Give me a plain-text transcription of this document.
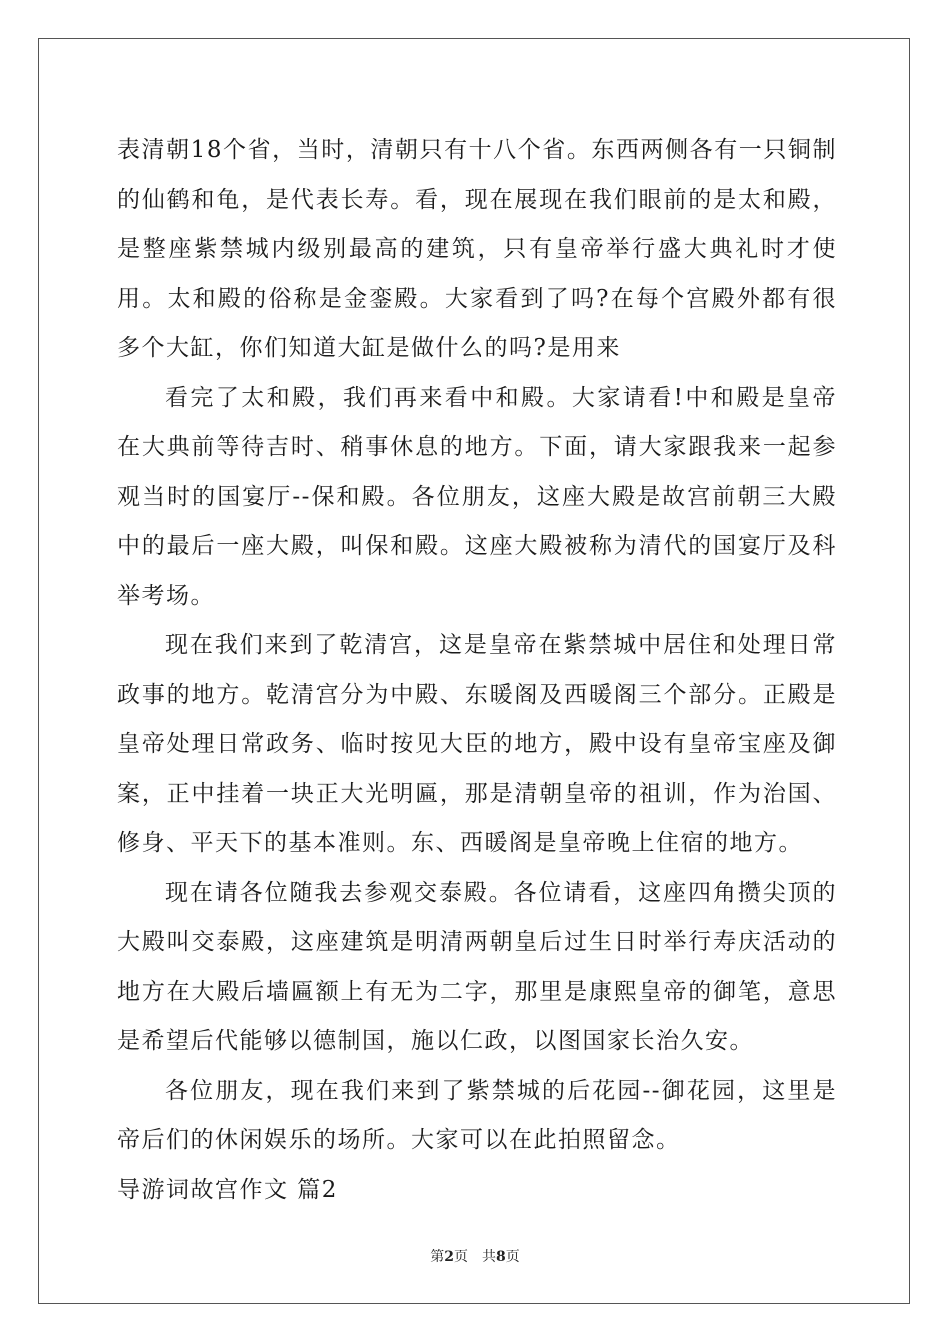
表清朝18个省，当时，清朝只有十八个省。东西两侧各有一只铜制的仙鹤和龟，是代表长寿。看，现在展现在我们眼前的是太和殿，是整座紫禁城内级别最高的建筑，只有皇帝举行盛大典礼时才使用。太和殿的俗称是金銮殿。大家看到了吗?在每个宫殿外都有很多个大缸，你们知道大缸是做什么的吗?是用来

看完了太和殿，我们再来看中和殿。大家请看!中和殿是皇帝在大典前等待吉时、稍事休息的地方。下面，请大家跟我来一起参观当时的国宴厅--保和殿。各位朋友，这座大殿是故宫前朝三大殿中的最后一座大殿，叫保和殿。这座大殿被称为清代的国宴厅及科举考场。

现在我们来到了乾清宫，这是皇帝在紫禁城中居住和处理日常政事的地方。乾清宫分为中殿、东暖阁及西暖阁三个部分。正殿是皇帝处理日常政务、临时按见大臣的地方，殿中设有皇帝宝座及御案，正中挂着一块正大光明匾，那是清朝皇帝的祖训，作为治国、修身、平天下的基本准则。东、西暖阁是皇帝晚上住宿的地方。

现在请各位随我去参观交泰殿。各位请看，这座四角攒尖顶的大殿叫交泰殿，这座建筑是明清两朝皇后过生日时举行寿庆活动的地方在大殿后墙匾额上有无为二字，那里是康熙皇帝的御笔，意思是希望后代能够以德制国，施以仁政，以图国家长治久安。

各位朋友，现在我们来到了紫禁城的后花园--御花园，这里是帝后们的休闲娱乐的场所。大家可以在此拍照留念。

导游词故宫作文 篇2

第2页 共8页
